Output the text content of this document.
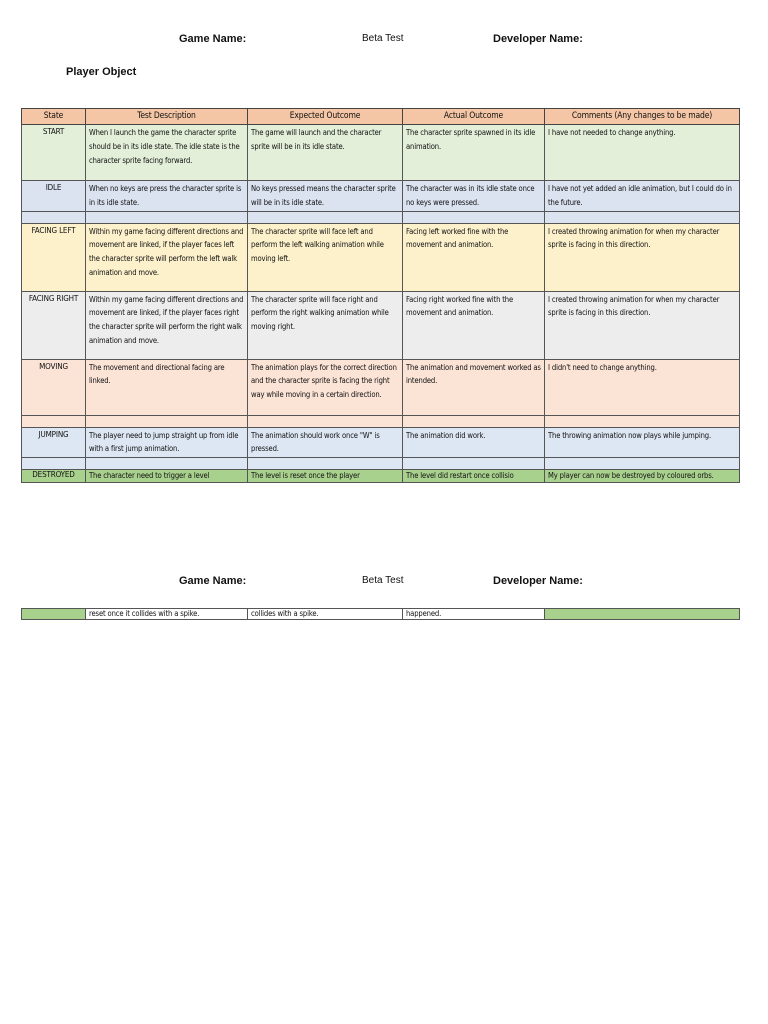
Game Name:	Beta Test	Developer Name:
Player Object
State	Test Description	Expected Outcome	Actual Outcome	Comments (Any changes to be made)
START	When I launch the game the character sprite should be in its idle state. The idle state is the character sprite facing forward.	The game will launch and the character sprite will be in its idle state.	The character sprite spawned in its idle animation.	I have not needed to change anything.
IDLE	When no keys are press the character sprite is in its idle state.	No keys pressed means the character sprite will be in its idle state.	The character was in its idle state once no keys were pressed.	I have not yet added an idle animation, but I could do in the future.

FACING LEFT	Within my game facing different directions and movement are linked, if the player faces left the character sprite will perform the left walk animation and move.	The character sprite will face left and perform the left walking animation while moving left.	Facing left worked fine with the movement and animation.	I created throwing animation for when my character sprite is facing in this direction.
FACING RIGHT	Within my game facing different directions and movement are linked, if the player faces right the character sprite will perform the right walk animation and move.	The character sprite will face right and perform the right walking animation while moving right.	Facing right worked fine with the movement and animation.	I created throwing animation for when my character sprite is facing in this direction.
MOVING	The movement and directional facing are linked.	The animation plays for the correct direction and the character sprite is facing the right way while moving in a certain direction.	The animation and movement worked as intended.	I didn't need to change anything.

JUMPING	The player need to jump straight up from idle with a first jump animation.	The animation should work once "W" is pressed.	The animation did work.	The throwing animation now plays while jumping.

DESTROYED	The character need to trigger a level	The level is reset once the player	The level did restart once collisio	My player can now be destroyed by coloured orbs.
Game Name:	Beta Test	Developer Name:
	reset once it collides with a spike.	collides with a spike.	happened.	
